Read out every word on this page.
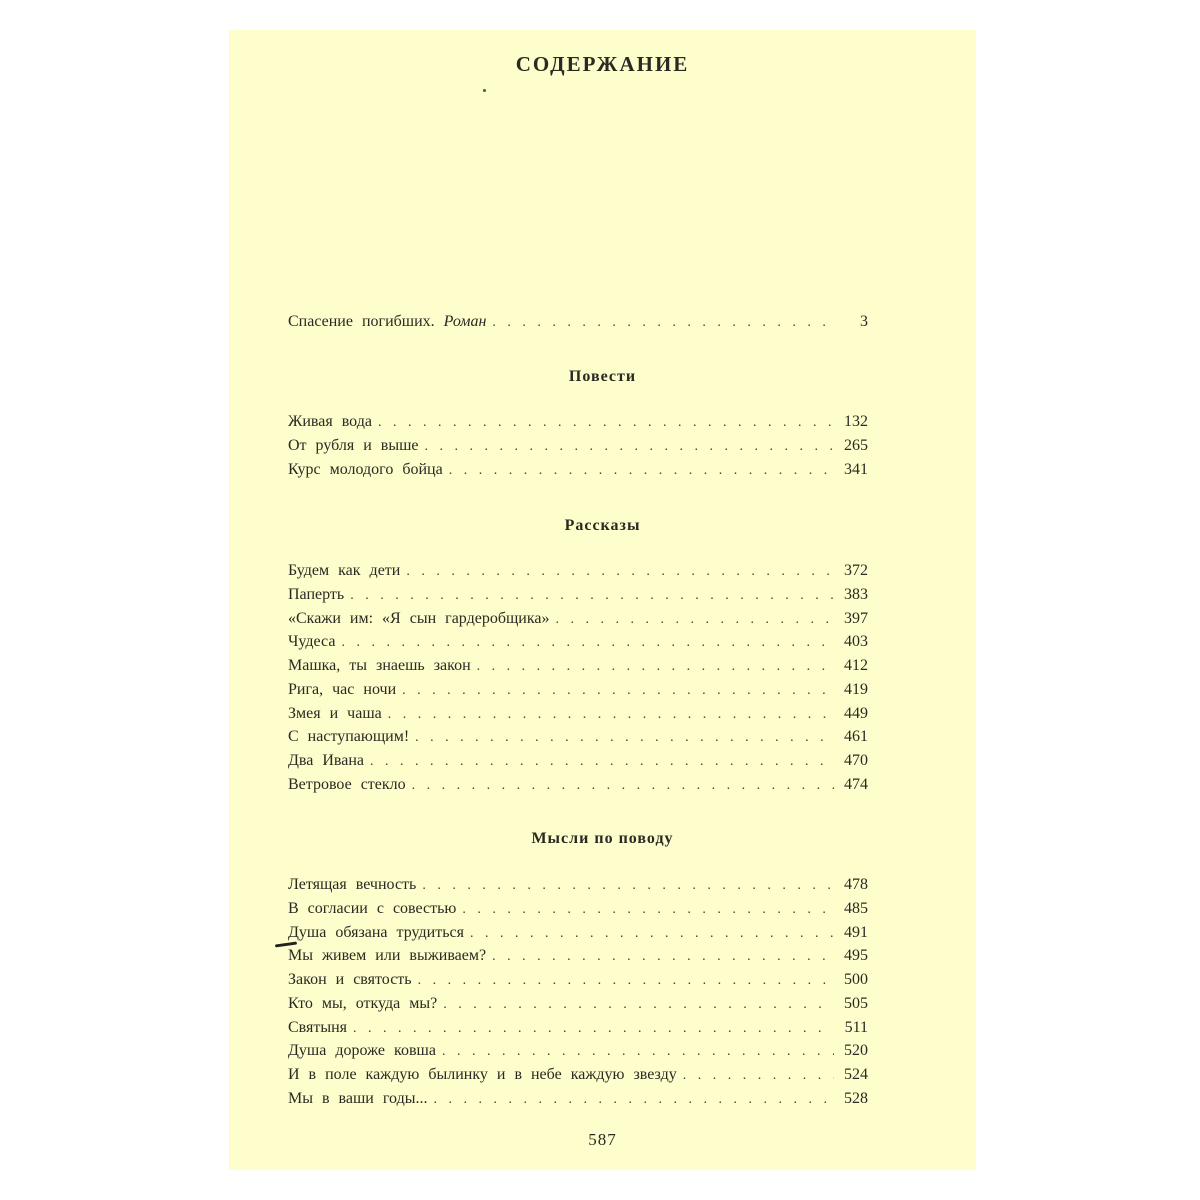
СОДЕРЖАНИЕ
Спасение погибших. Роман . . .	3
Повести
Живая вода . . .	132
От рубля и выше . . .	265
Курс молодого бойца . . .	341
Рассказы
Будем как дети . . .	372
Паперть . . .	383
«Скажи им: «Я сын гардеробщика» . . .	397
Чудеса . . .	403
Машка, ты знаешь закон . . .	412
Рига, час ночи . . .	419
Змея и чаша . . .	449
С наступающим! . . .	461
Два Ивана . . .	470
Ветровое стекло . . .	474
Мысли по поводу
Летящая вечность . . .	478
В согласии с совестью . . .	485
Душа обязана трудиться . . .	491
Мы живем или выживаем? . . .	495
Закон и святость . . .	500
Кто мы, откуда мы? . . .	505
Святыня . . .	511
Душа дороже ковша . . .	520
И в поле каждую былинку и в небе каждую звезду . . .	524
Мы в ваши годы... . . .	528
587
